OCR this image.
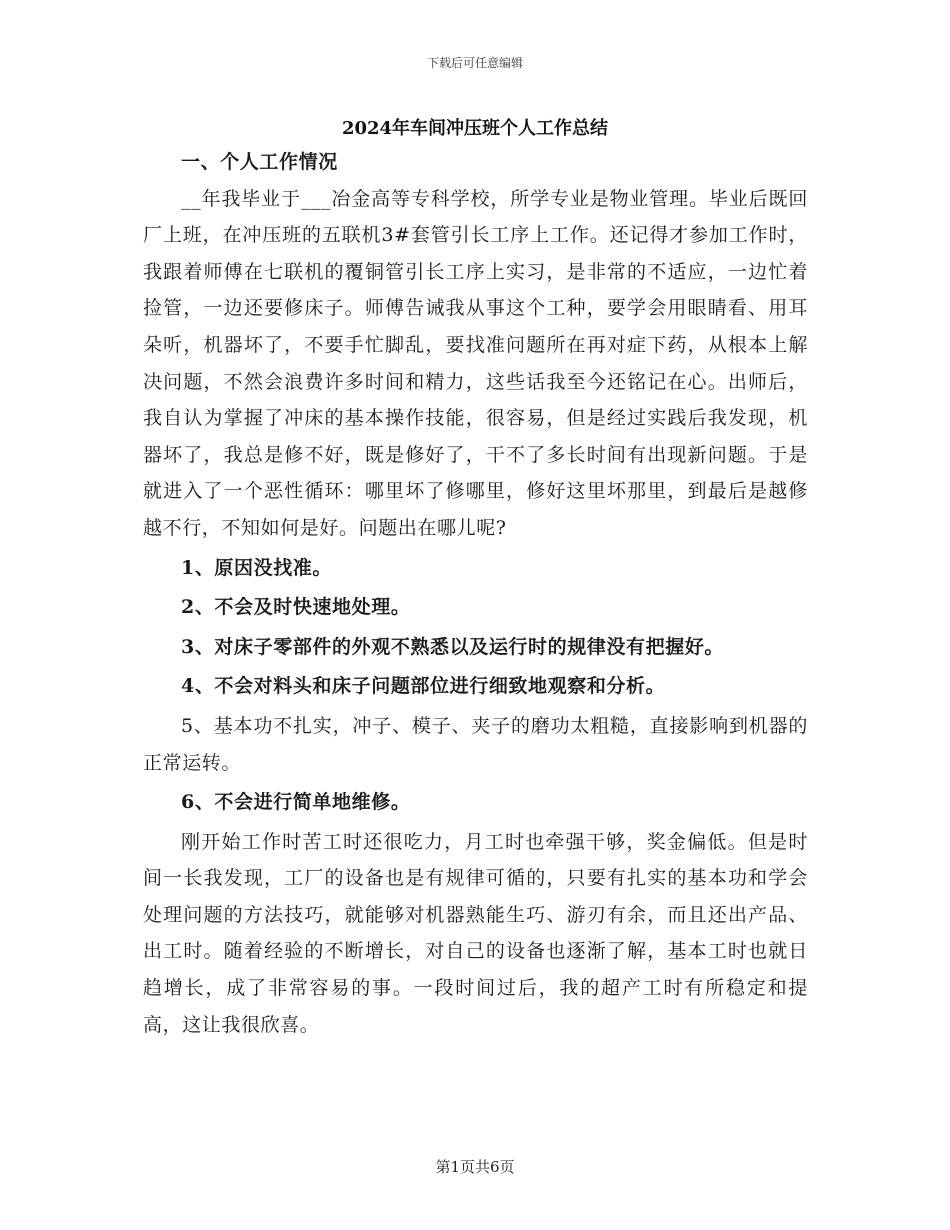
下载后可任意编辑
2024年车间冲压班个人工作总结

一、个人工作情况

__年我毕业于___冶金高等专科学校，所学专业是物业管理。毕业后既回厂上班，在冲压班的五联机3#套管引长工序上工作。还记得才参加工作时，我跟着师傅在七联机的覆铜管引长工序上实习，是非常的不适应，一边忙着捡管，一边还要修床子。师傅告诫我从事这个工种，要学会用眼睛看、用耳朵听，机器坏了，不要手忙脚乱，要找准问题所在再对症下药，从根本上解决问题，不然会浪费许多时间和精力，这些话我至今还铭记在心。出师后，我自认为掌握了冲床的基本操作技能，很容易，但是经过实践后我发现，机器坏了，我总是修不好，既是修好了，干不了多长时间有出现新问题。于是就进入了一个恶性循环：哪里坏了修哪里，修好这里坏那里，到最后是越修越不行，不知如何是好。问题出在哪儿呢?

1、原因没找准。

2、不会及时快速地处理。

3、对床子零部件的外观不熟悉以及运行时的规律没有把握好。

4、不会对料头和床子问题部位进行细致地观察和分析。

5、基本功不扎实，冲子、模子、夹子的磨功太粗糙，直接影响到机器的正常运转。

6、不会进行简单地维修。

刚开始工作时苦工时还很吃力，月工时也牵强干够，奖金偏低。但是时间一长我发现，工厂的设备也是有规律可循的，只要有扎实的基本功和学会处理问题的方法技巧，就能够对机器熟能生巧、游刃有余，而且还出产品、出工时。随着经验的不断增长，对自己的设备也逐渐了解，基本工时也就日趋增长，成了非常容易的事。一段时间过后，我的超产工时有所稳定和提高，这让我很欣喜。

第1页共6页
